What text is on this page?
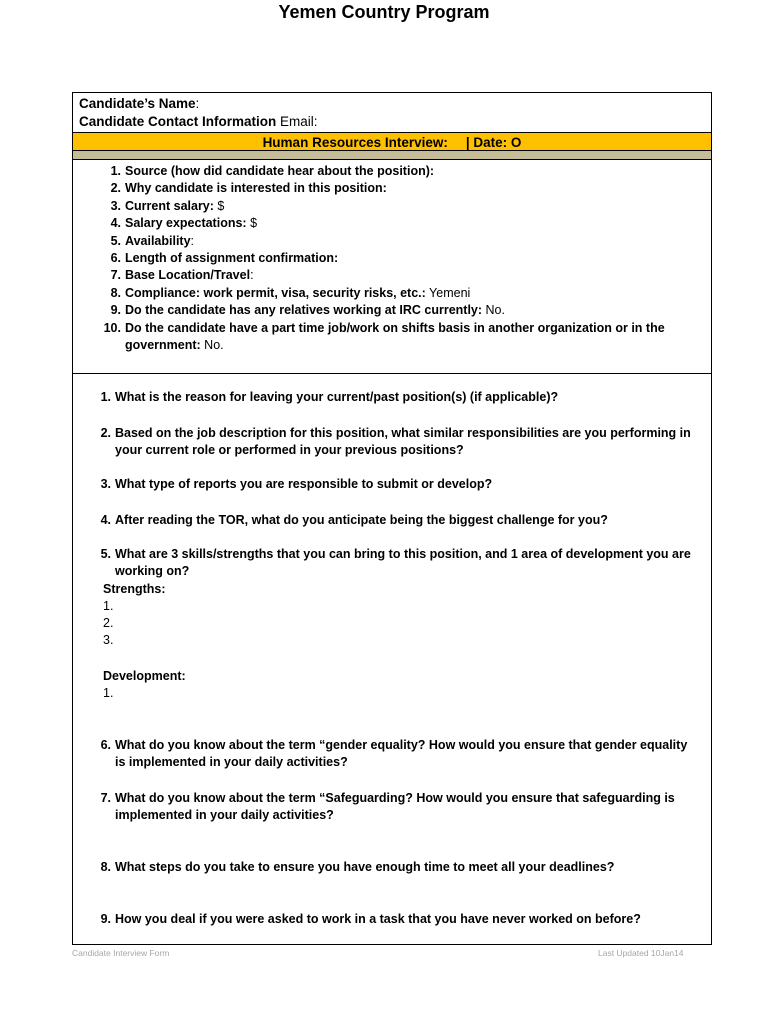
Yemen Country Program
Candidate’s Name:
Candidate Contact Information Email:
Human Resources Interview: | Date: O
1. Source (how did candidate hear about the position):
2. Why candidate is interested in this position:
3. Current salary: $
4. Salary expectations: $
5. Availability:
6. Length of assignment confirmation:
7. Base Location/Travel:
8. Compliance: work permit, visa, security risks, etc.: Yemeni
9. Do the candidate has any relatives working at IRC currently: No.
10. Do the candidate have a part time job/work on shifts basis in another organization or in the government: No.
1. What is the reason for leaving your current/past position(s) (if applicable)?
2. Based on the job description for this position, what similar responsibilities are you performing in your current role or performed in your previous positions?
3. What type of reports you are responsible to submit or develop?
4. After reading the TOR, what do you anticipate being the biggest challenge for you?
5. What are 3 skills/strengths that you can bring to this position, and 1 area of development you are working on?
Strengths:
1.
2.
3.
Development:
1.
6. What do you know about the term “gender equality? How would you ensure that gender equality is implemented in your daily activities?
7. What do you know about the term “Safeguarding? How would you ensure that safeguarding is implemented in your daily activities?
8. What steps do you take to ensure you have enough time to meet all your deadlines?
9. How you deal if you were asked to work in a task that you have never worked on before?
Candidate Interview Form	Last Updated 10Jan14
